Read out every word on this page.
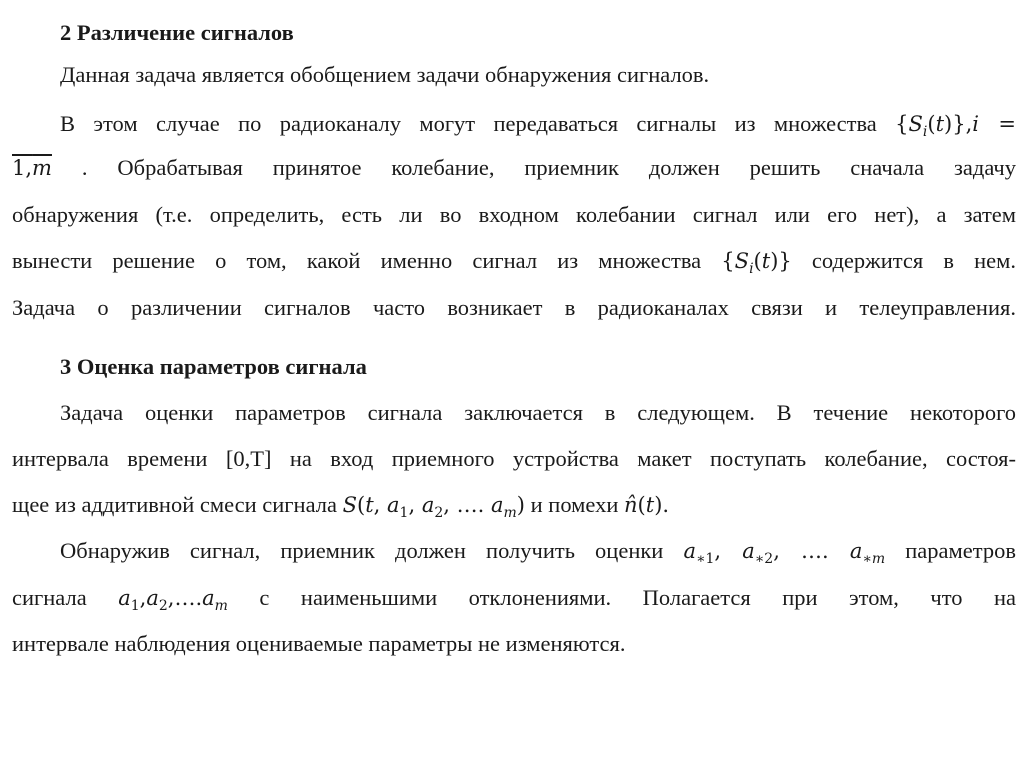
2 Различение сигналов
Данная задача является обобщением задачи обнаружения сигналов.
В этом случае по радиоканалу могут передаваться сигналы из множества $\{S_i(t)\},i$ =
$1,\overline{m}$ . Обрабатывая принятое колебание, приемник должен решить сначала задачу
обнаружения (т.е. определить, есть ли во входном колебании сигнал или его нет), а затем
вынести решение о том, какой именно сигнал из множества $\{S_i(t)\}$ содержится в нем.
Задача о различении сигналов часто возникает в радиоканалах связи и телеуправления.
3 Оценка параметров сигнала
Задача оценки параметров сигнала заключается в следующем. В течение некоторого
интервала времени [0,T] на вход приемного устройства макет поступать колебание, состоя-
щее из аддитивной смеси сигнала S(t, $a_1$, $a_2$, …. $a_m$) и помехи n̂(t).
Обнаружив сигнал, приемник должен получить оценки $a_{∗1}$, $a_{∗2}$, …. $a_{∗m}$ параметров
сигнала $a_1,a_2,\dots.a_m$ с наименьшими отклонениями. Полагается при этом, что на
интервале наблюдения оцениваемые параметры не изменяются.
